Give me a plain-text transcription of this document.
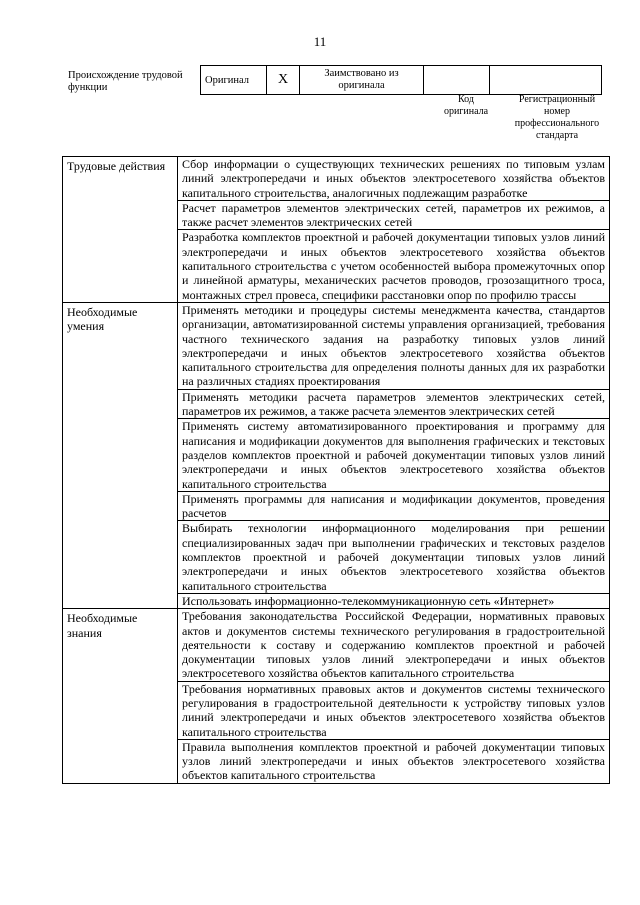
11
Происхождение трудовой функции
Оригинал	X	Заимствовано из оригинала		
Код оригинала
Регистрационный номер профессионального стандарта
Трудовые действия	Сбор информации о существующих технических решениях по типовым узлам линий электропередачи и иных объектов электросетевого хозяйства объектов капитального строительства, аналогичных подлежащим разработке
	Расчет параметров элементов электрических сетей, параметров их режимов, а также расчет элементов электрических сетей
	Разработка комплектов проектной и рабочей документации типовых узлов линий электропередачи и иных объектов электросетевого хозяйства объектов капитального строительства с учетом особенностей выбора промежуточных опор и линейной арматуры, механических расчетов проводов, грозозащитного троса, монтажных стрел провеса, специфики расстановки опор по профилю трассы
Необходимые умения	Применять методики и процедуры системы менеджмента качества, стандартов организации, автоматизированной системы управления организацией, требования частного технического задания на разработку типовых узлов линий электропередачи и иных объектов электросетевого хозяйства объектов капитального строительства для определения полноты данных для их разработки на различных стадиях проектирования
	Применять методики расчета параметров элементов электрических сетей, параметров их режимов, а также расчета элементов электрических сетей
	Применять систему автоматизированного проектирования и программу для написания и модификации документов для выполнения графических и текстовых разделов комплектов проектной и рабочей документации типовых узлов линий электропередачи и иных объектов электросетевого хозяйства объектов капитального строительства
	Применять программы для написания и модификации документов, проведения расчетов
	Выбирать технологии информационного моделирования при решении специализированных задач при выполнении графических и текстовых разделов комплектов проектной и рабочей документации типовых узлов линий электропередачи и иных объектов электросетевого хозяйства объектов капитального строительства
	Использовать информационно-телекоммуникационную сеть «Интернет»
Необходимые знания	Требования законодательства Российской Федерации, нормативных правовых актов и документов системы технического регулирования в градостроительной деятельности к составу и содержанию комплектов проектной и рабочей документации типовых узлов линий электропередачи и иных объектов электросетевого хозяйства объектов капитального строительства
	Требования нормативных правовых актов и документов системы технического регулирования в градостроительной деятельности к устройству типовых узлов линий электропередачи и иных объектов электросетевого хозяйства объектов капитального строительства
	Правила выполнения комплектов проектной и рабочей документации типовых узлов линий электропередачи и иных объектов электросетевого хозяйства объектов капитального строительства
